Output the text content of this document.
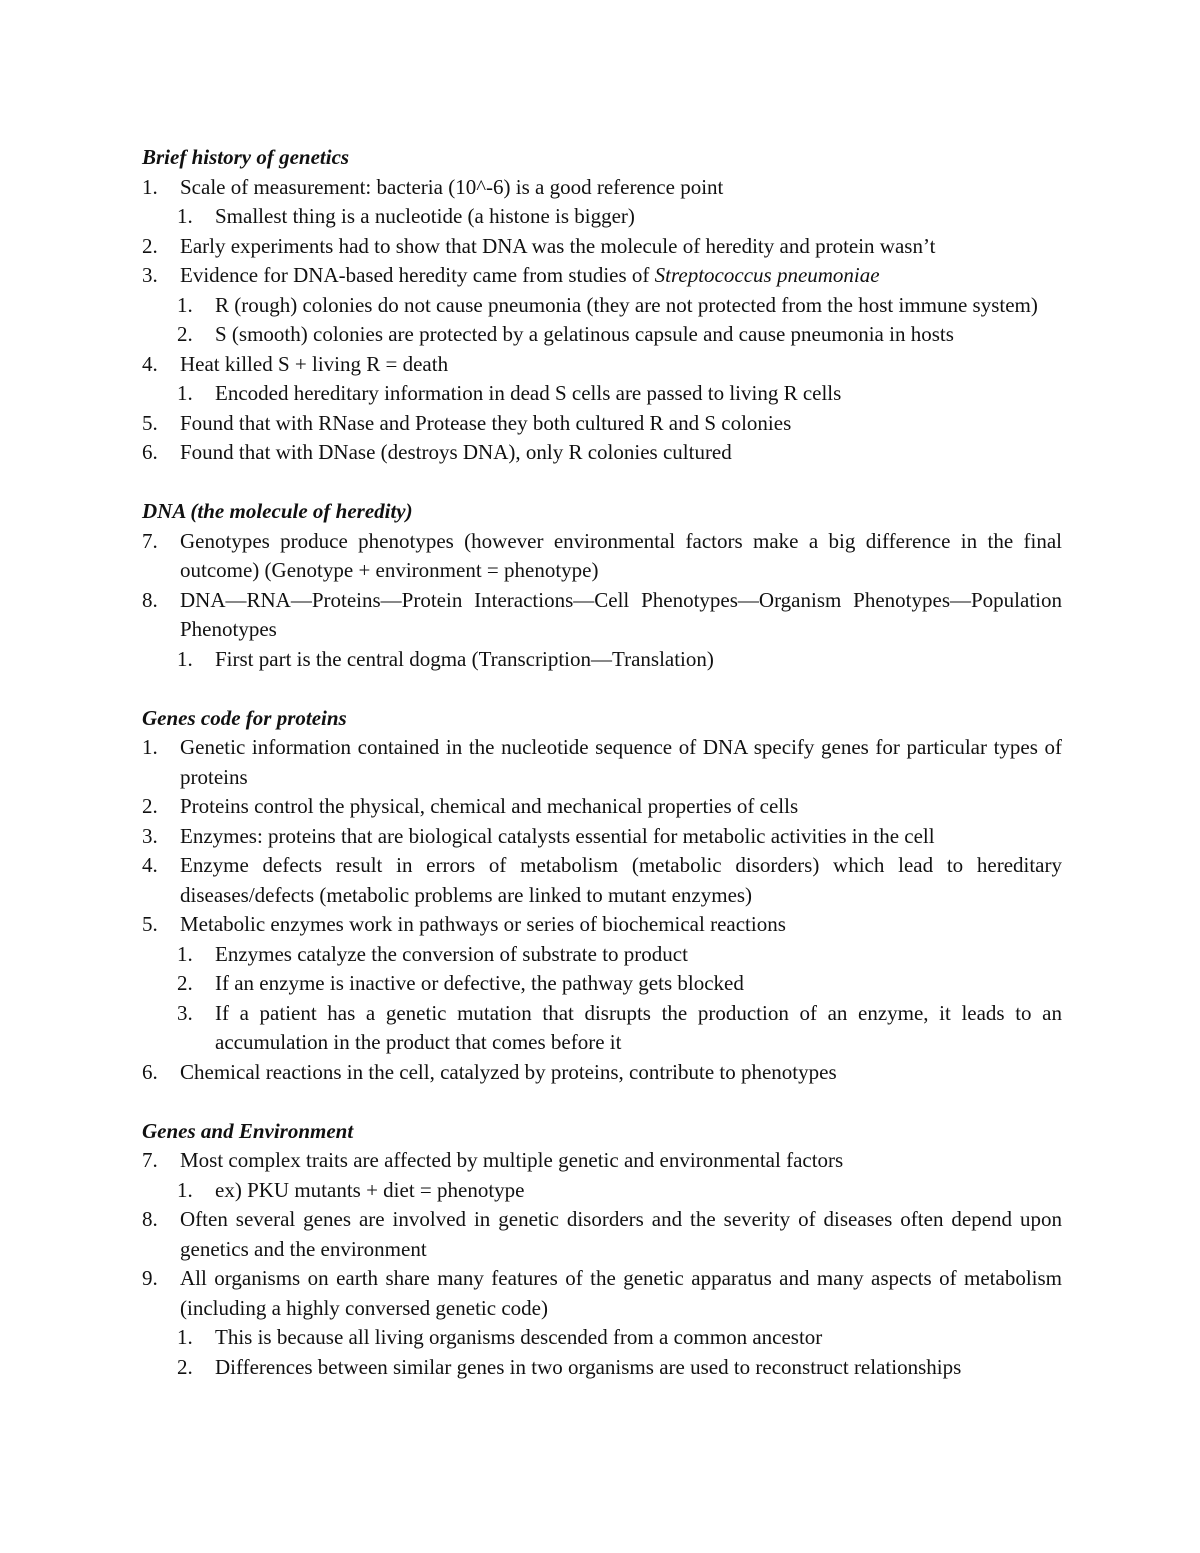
Brief history of genetics
1. Scale of measurement: bacteria (10^-6) is a good reference point
1. Smallest thing is a nucleotide (a histone is bigger)
2. Early experiments had to show that DNA was the molecule of heredity and protein wasn’t
3. Evidence for DNA-based heredity came from studies of Streptococcus pneumoniae
1. R (rough) colonies do not cause pneumonia (they are not protected from the host immune system)
2. S (smooth) colonies are protected by a gelatinous capsule and cause pneumonia in hosts
4. Heat killed S + living R = death
1. Encoded hereditary information in dead S cells are passed to living R cells
5. Found that with RNase and Protease they both cultured R and S colonies
6. Found that with DNase (destroys DNA), only R colonies cultured
DNA (the molecule of heredity)
7. Genotypes produce phenotypes (however environmental factors make a big difference in the final outcome) (Genotype + environment = phenotype)
8. DNA—RNA—Proteins—Protein Interactions—Cell Phenotypes—Organism Phenotypes—Population Phenotypes
1. First part is the central dogma (Transcription—Translation)
Genes code for proteins
1. Genetic information contained in the nucleotide sequence of DNA specify genes for particular types of proteins
2. Proteins control the physical, chemical and mechanical properties of cells
3. Enzymes: proteins that are biological catalysts essential for metabolic activities in the cell
4. Enzyme defects result in errors of metabolism (metabolic disorders) which lead to hereditary diseases/defects (metabolic problems are linked to mutant enzymes)
5. Metabolic enzymes work in pathways or series of biochemical reactions
1. Enzymes catalyze the conversion of substrate to product
2. If an enzyme is inactive or defective, the pathway gets blocked
3. If a patient has a genetic mutation that disrupts the production of an enzyme, it leads to an accumulation in the product that comes before it
6. Chemical reactions in the cell, catalyzed by proteins, contribute to phenotypes
Genes and Environment
7. Most complex traits are affected by multiple genetic and environmental factors
1. ex) PKU mutants + diet = phenotype
8. Often several genes are involved in genetic disorders and the severity of diseases often depend upon genetics and the environment
9. All organisms on earth share many features of the genetic apparatus and many aspects of metabolism (including a highly conversed genetic code)
1. This is because all living organisms descended from a common ancestor
2. Differences between similar genes in two organisms are used to reconstruct relationships
